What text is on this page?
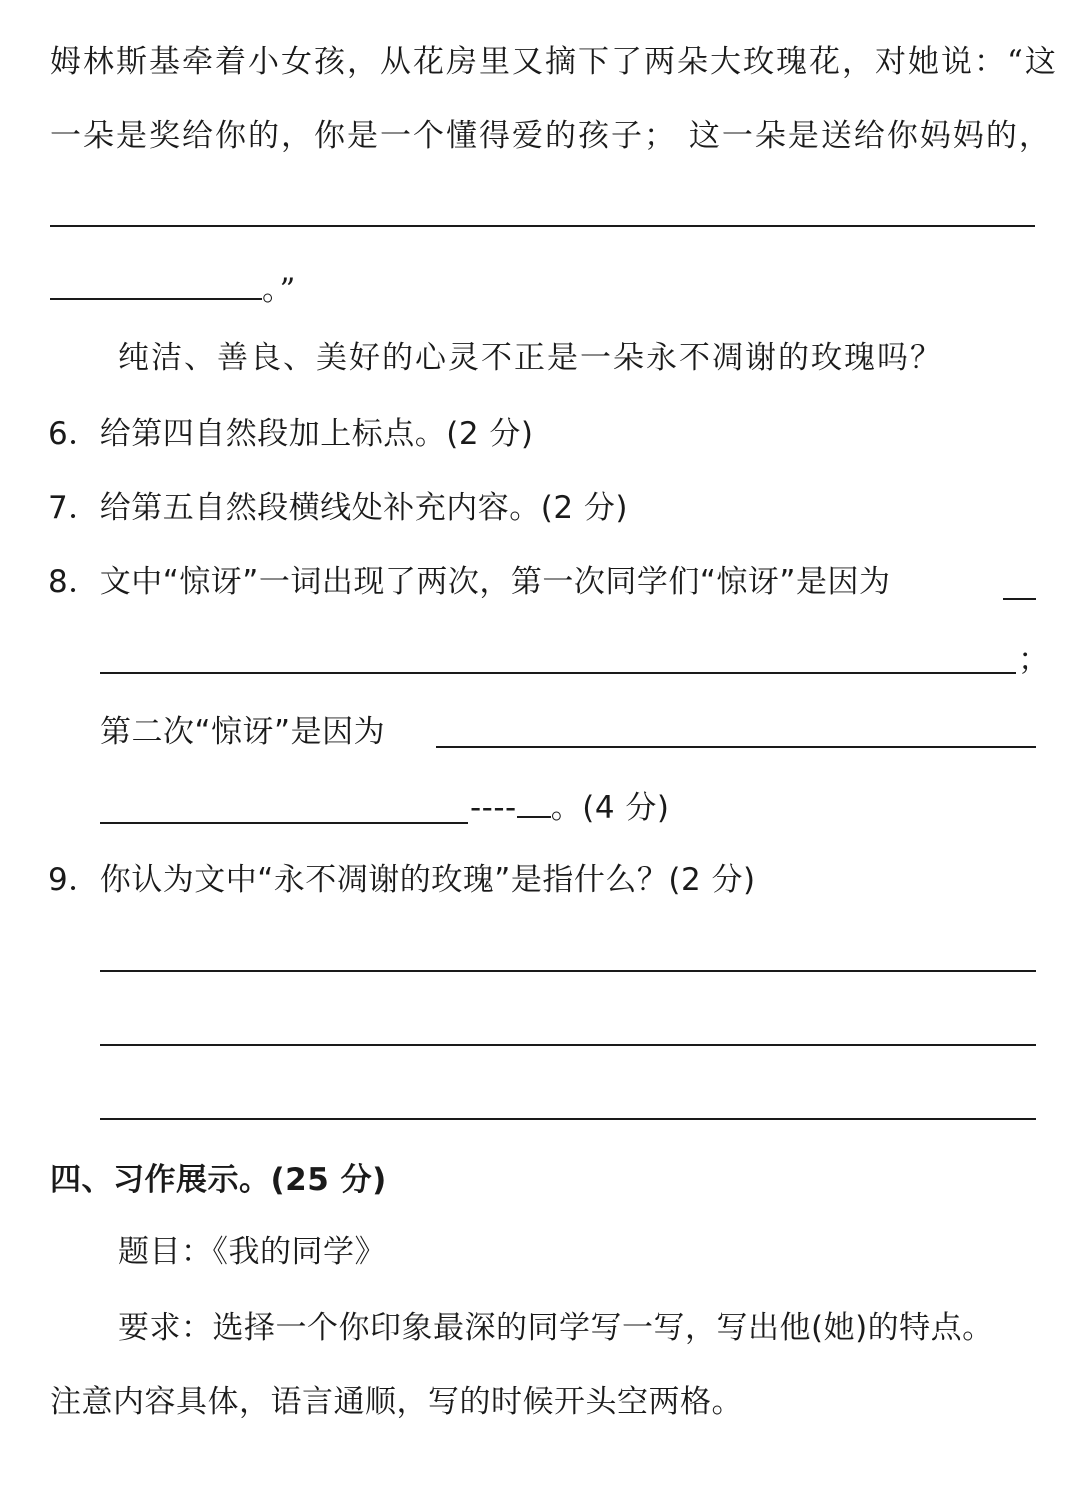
姆林斯基牵着小女孩，从花房里又摘下了两朵大玫瑰花，对她说：“这
一朵是奖给你的，你是一个懂得爱的孩子； 这一朵是送给你妈妈的，
。”
纯洁、善良、美好的心灵不正是一朵永不凋谢的玫瑰吗？
6．给第四自然段加上标点。(2 分)
7．给第五自然段横线处补充内容。(2 分)
8．文中“惊讶”一词出现了两次，第一次同学们“惊讶”是因为
；
第二次“惊讶”是因为
---- 。(4 分)
9．你认为文中“永不凋谢的玫瑰”是指什么？(2 分)
四、习作展示。(25 分)
题目：《我的同学》
要求：选择一个你印象最深的同学写一写，写出他(她)的特点。
注意内容具体，语言通顺，写的时候开头空两格。
